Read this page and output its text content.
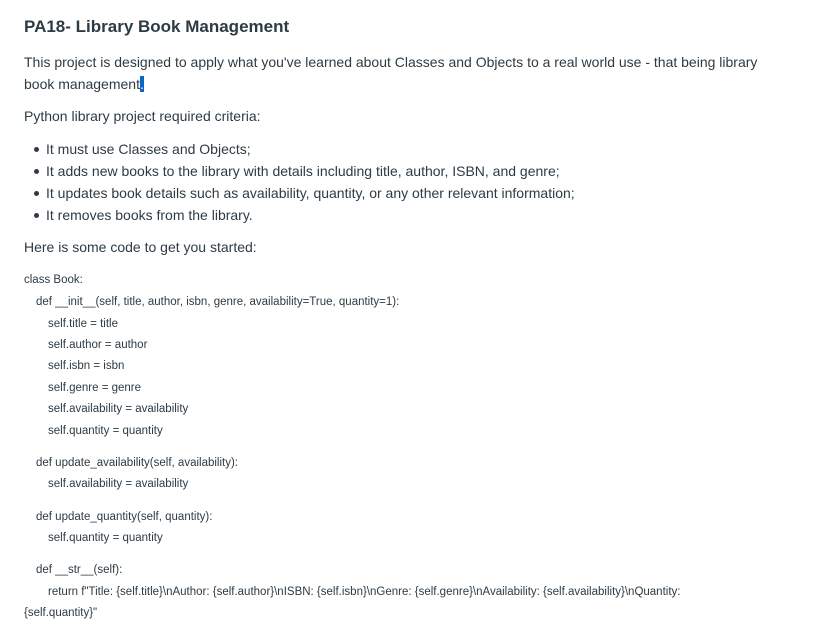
PA18- Library Book Management
This project is designed to apply what you've learned about Classes and Objects to a real world use - that being library book management.
Python library project required criteria:
It must use Classes and Objects;
It adds new books to the library with details including title, author, ISBN, and genre;
It updates book details such as availability, quantity, or any other relevant information;
It removes books from the library.
Here is some code to get you started:
class Book:
def __init__(self, title, author, isbn, genre, availability=True, quantity=1):
self.title = title
self.author = author
self.isbn = isbn
self.genre = genre
self.availability = availability
self.quantity = quantity
def update_availability(self, availability):
self.availability = availability
def update_quantity(self, quantity):
self.quantity = quantity
def __str__(self):
return f"Title: {self.title}\nAuthor: {self.author}\nISBN: {self.isbn}\nGenre: {self.genre}\nAvailability: {self.availability}\nQuantity:
{self.quantity}"
